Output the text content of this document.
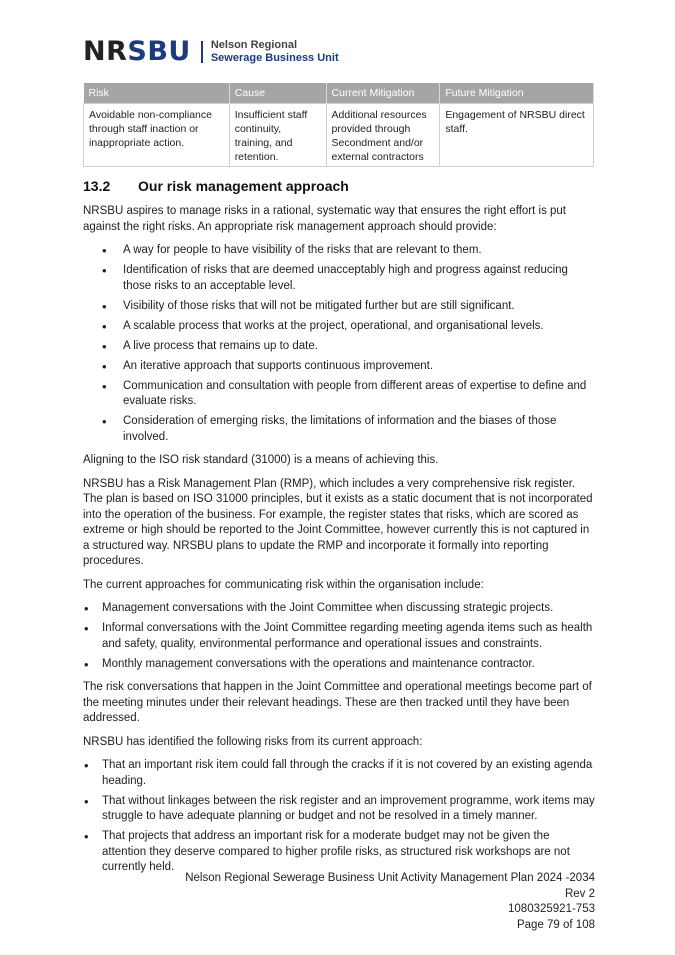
NRSBU Nelson Regional
Sewerage Business Unit
Risk	Cause	Current Mitigation	Future Mitigation
Avoidable non-compliance through staff inaction or inappropriate action.	Insufficient staff continuity, training, and retention.	Additional resources provided through Secondment and/or external contractors	Engagement of NRSBU direct staff.
13.2 Our risk management approach

NRSBU aspires to manage risks in a rational, systematic way that ensures the right effort is put against the right risks. An appropriate risk management approach should provide:

• A way for people to have visibility of the risks that are relevant to them.
• Identification of risks that are deemed unacceptably high and progress against reducing those risks to an acceptable level.
• Visibility of those risks that will not be mitigated further but are still significant.
• A scalable process that works at the project, operational, and organisational levels.
• A live process that remains up to date.
• An iterative approach that supports continuous improvement.
• Communication and consultation with people from different areas of expertise to define and evaluate risks.
• Consideration of emerging risks, the limitations of information and the biases of those involved.

Aligning to the ISO risk standard (31000) is a means of achieving this.

NRSBU has a Risk Management Plan (RMP), which includes a very comprehensive risk register. The plan is based on ISO 31000 principles, but it exists as a static document that is not incorporated into the operation of the business. For example, the register states that risks, which are scored as extreme or high should be reported to the Joint Committee, however currently this is not captured in a structured way. NRSBU plans to update the RMP and incorporate it formally into reporting procedures.

The current approaches for communicating risk within the organisation include:

• Management conversations with the Joint Committee when discussing strategic projects.
• Informal conversations with the Joint Committee regarding meeting agenda items such as health and safety, quality, environmental performance and operational issues and constraints.
• Monthly management conversations with the operations and maintenance contractor.

The risk conversations that happen in the Joint Committee and operational meetings become part of the meeting minutes under their relevant headings. These are then tracked until they have been addressed.

NRSBU has identified the following risks from its current approach:

• That an important risk item could fall through the cracks if it is not covered by an existing agenda heading.
• That without linkages between the risk register and an improvement programme, work items may struggle to have adequate planning or budget and not be resolved in a timely manner.
• That projects that address an important risk for a moderate budget may not be given the attention they deserve compared to higher profile risks, as structured risk workshops are not currently held.
Nelson Regional Sewerage Business Unit Activity Management Plan 2024 -2034
Rev 2
1080325921-753
Page 79 of 108
